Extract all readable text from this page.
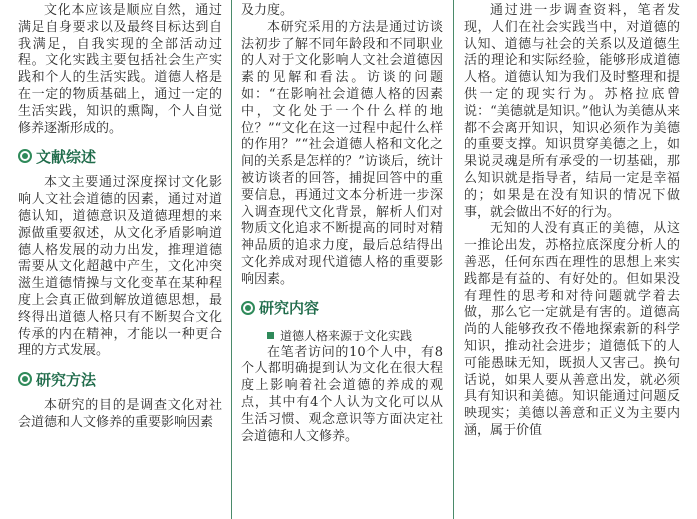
文化本应该是顺应自然，通过满足自身要求以及最终目标达到自我满足，自我实现的全部活动过程。文化实践主要包括社会生产实践和个人的生活实践。道德人格是在一定的物质基础上，通过一定的生活实践，知识的熏陶，个人自觉修养逐渐形成的。

文献综述

本文主要通过深度探讨文化影响人文社会道德的因素，通过对道德认知，道德意识及道德理想的来源做重要叙述，从文化矛盾影响道德人格发展的动力出发，推理道德需要从文化超越中产生，文化冲突滋生道德情操与文化变革在某种程度上会真正做到解放道德思想，最终得出道德人格只有不断契合文化传承的内在精神，才能以一种更合理的方式发展。

研究方法

本研究的目的是调查文化对社会道德和人文修养的重要影响因素

及力度。

本研究采用的方法是通过访谈法初步了解不同年龄段和不同职业的人对于文化影响人文社会道德因素的见解和看法。访谈的问题如：“在影响社会道德人格的因素中，文化处于一个什么样的地位？”“文化在这一过程中起什么样的作用？”“社会道德人格和文化之间的关系是怎样的？”访谈后，统计被访谈者的回答，捕捉回答中的重要信息，再通过文本分析进一步深入调查现代文化背景，解析人们对物质文化追求不断提高的同时对精神品质的追求力度，最后总结得出文化养成对现代道德人格的重要影响因素。

研究内容
道德人格来源于文化实践

在笔者访问的10个人中，有8个人都明确提到认为文化在很大程度上影响着社会道德的养成的观点，其中有4个人认为文化可以从生活习惯、观念意识等方面决定社会道德和人文修养。

通过进一步调查资料，笔者发现，人们在社会实践当中，对道德的认知、道德与社会的关系以及道德生活的理论和实际经验，能够形成道德人格。道德认知为我们及时整理和提供一定的现实行为。苏格拉底曾说：“美德就是知识。”他认为美德从来都不会离开知识，知识必须作为美德的重要支撑。知识贯穿美德之上，如果说灵魂是所有承受的一切基础，那么知识就是指导者，结局一定是幸福的；如果是在没有知识的情况下做事，就会做出不好的行为。

无知的人没有真正的美德，从这一推论出发，苏格拉底深度分析人的善恶，任何东西在理性的思想上来实践都是有益的、有好处的。但如果没有理性的思考和对待问题就学着去做，那么它一定就是有害的。道德高尚的人能够孜孜不倦地探索新的科学知识，推动社会进步；道德低下的人可能愚昧无知，既损人又害己。换句话说，如果人要从善意出发，就必须具有知识和美德。知识能通过问题反映现实；美德以善意和正义为主要内涵，属于价值
